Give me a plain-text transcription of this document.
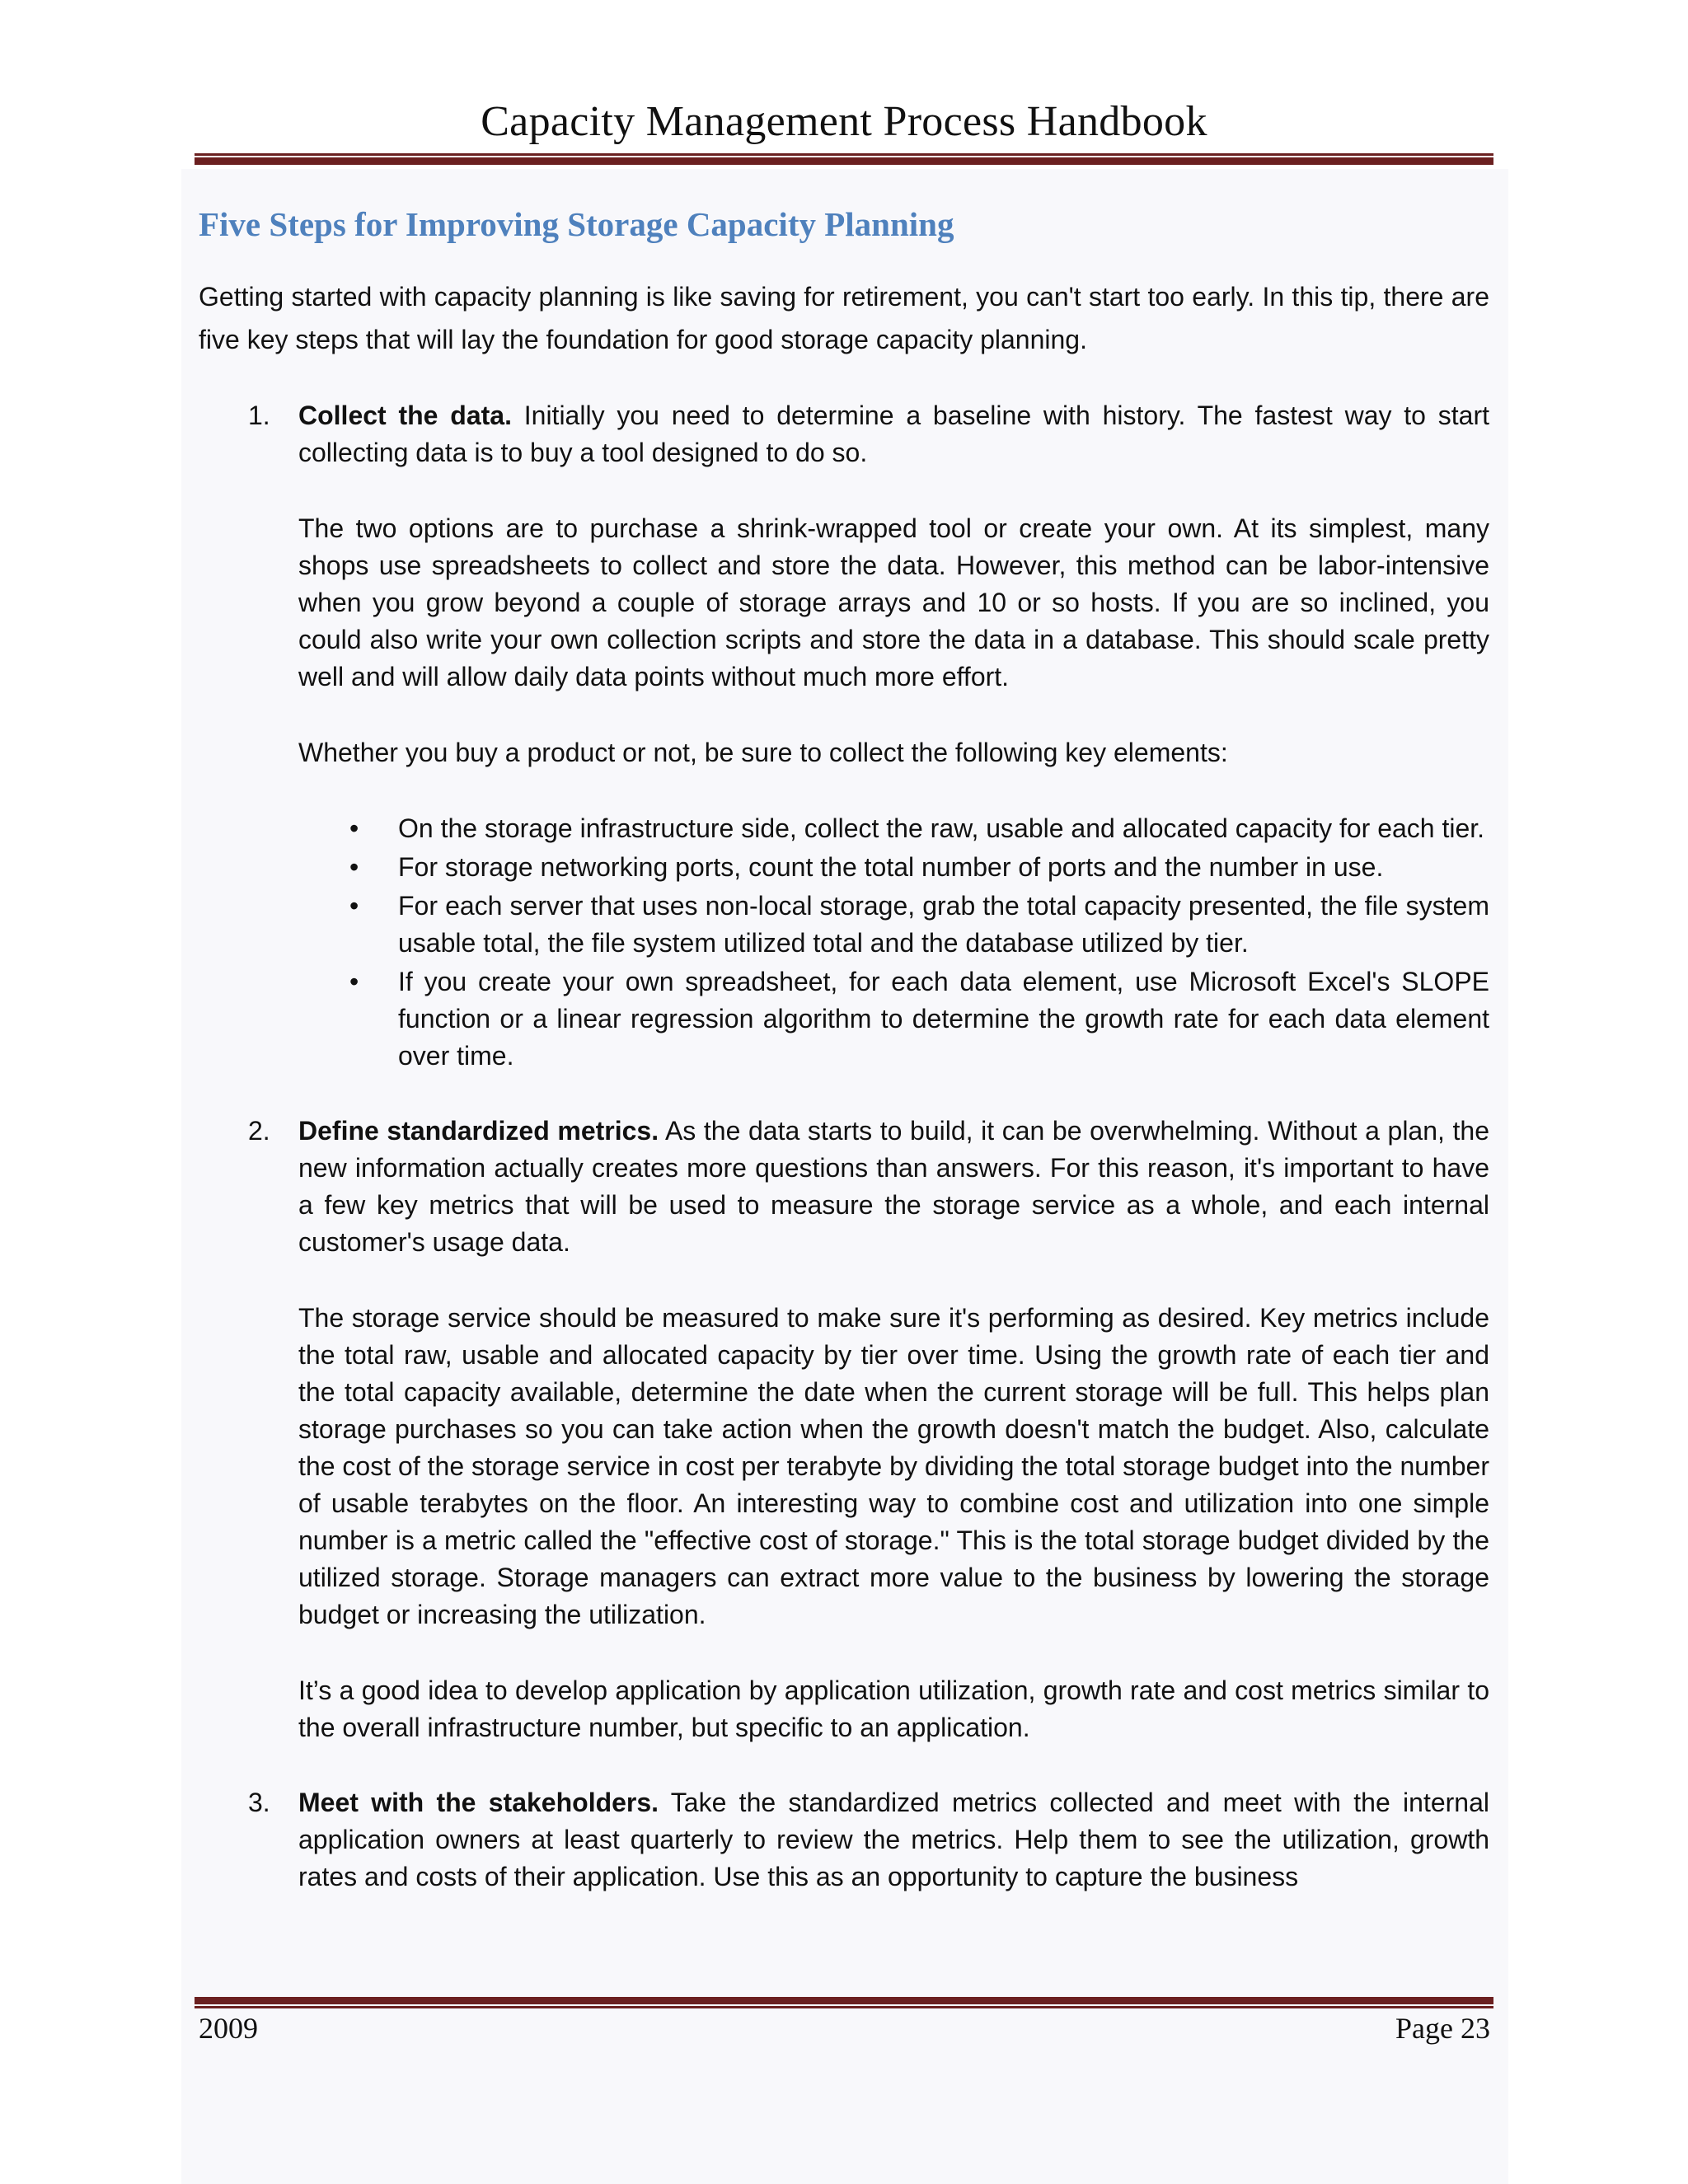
Capacity Management Process Handbook
Five Steps for Improving Storage Capacity Planning

Getting started with capacity planning is like saving for retirement, you can't start too early. In this tip, there are five key steps that will lay the foundation for good storage capacity planning.

1. Collect the data. Initially you need to determine a baseline with history. The fastest way to start collecting data is to buy a tool designed to do so.

The two options are to purchase a shrink-wrapped tool or create your own. At its simplest, many shops use spreadsheets to collect and store the data. However, this method can be labor-intensive when you grow beyond a couple of storage arrays and 10 or so hosts. If you are so inclined, you could also write your own collection scripts and store the data in a database. This should scale pretty well and will allow daily data points without much more effort.

Whether you buy a product or not, be sure to collect the following key elements:

• On the storage infrastructure side, collect the raw, usable and allocated capacity for each tier.
• For storage networking ports, count the total number of ports and the number in use.
• For each server that uses non-local storage, grab the total capacity presented, the file system usable total, the file system utilized total and the database utilized by tier.
• If you create your own spreadsheet, for each data element, use Microsoft Excel's SLOPE function or a linear regression algorithm to determine the growth rate for each data element over time.
2. Define standardized metrics. As the data starts to build, it can be overwhelming. Without a plan, the new information actually creates more questions than answers. For this reason, it's important to have a few key metrics that will be used to measure the storage service as a whole, and each internal customer's usage data.

The storage service should be measured to make sure it's performing as desired. Key metrics include the total raw, usable and allocated capacity by tier over time. Using the growth rate of each tier and the total capacity available, determine the date when the current storage will be full. This helps plan storage purchases so you can take action when the growth doesn't match the budget. Also, calculate the cost of the storage service in cost per terabyte by dividing the total storage budget into the number of usable terabytes on the floor. An interesting way to combine cost and utilization into one simple number is a metric called the "effective cost of storage." This is the total storage budget divided by the utilized storage. Storage managers can extract more value to the business by lowering the storage budget or increasing the utilization.

It’s a good idea to develop application by application utilization, growth rate and cost metrics similar to the overall infrastructure number, but specific to an application.

3. Meet with the stakeholders. Take the standardized metrics collected and meet with the internal application owners at least quarterly to review the metrics. Help them to see the utilization, growth rates and costs of their application. Use this as an opportunity to capture the business

2009	Page 23
